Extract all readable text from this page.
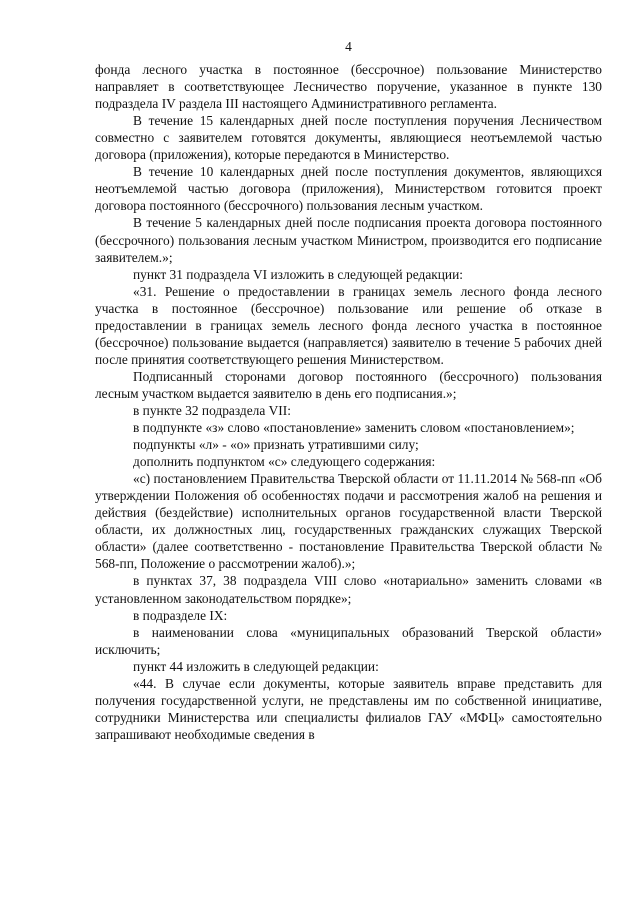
4

фонда лесного участка в постоянное (бессрочное) пользование Министерство направляет в соответствующее Лесничество поручение, указанное в пункте 130 подраздела IV раздела III настоящего Административного регламента.

В течение 15 календарных дней после поступления поручения Лесничеством совместно с заявителем готовятся документы, являющиеся неотъемлемой частью договора (приложения), которые передаются в Министерство.

В течение 10 календарных дней после поступления документов, являющихся неотъемлемой частью договора (приложения), Министерством готовится проект договора постоянного (бессрочного) пользования лесным участком.

В течение 5 календарных дней после подписания проекта договора постоянного (бессрочного) пользования лесным участком Министром, производится его подписание заявителем.»;

пункт 31 подраздела VI изложить в следующей редакции:

«31. Решение о предоставлении в границах земель лесного фонда лесного участка в постоянное (бессрочное) пользование или решение об отказе в предоставлении в границах земель лесного фонда лесного участка в постоянное (бессрочное) пользование выдается (направляется) заявителю в течение 5 рабочих дней после принятия соответствующего решения Министерством.

Подписанный сторонами договор постоянного (бессрочного) пользования лесным участком выдается заявителю в день его подписания.»;

в пункте 32 подраздела VII:

в подпункте «з» слово «постановление» заменить словом «постановлением»;

подпункты «л» - «о» признать утратившими силу;

дополнить подпунктом «с» следующего содержания:

«с) постановлением Правительства Тверской области от 11.11.2014 № 568-пп «Об утверждении Положения об особенностях подачи и рассмотрения жалоб на решения и действия (бездействие) исполнительных органов государственной власти Тверской области, их должностных лиц, государственных гражданских служащих Тверской области» (далее соответственно - постановление Правительства Тверской области № 568-пп, Положение о рассмотрении жалоб).»;

в пунктах 37, 38 подраздела VIII слово «нотариально» заменить словами «в установленном законодательством порядке»;

в подразделе IX:

в наименовании слова «муниципальных образований Тверской области» исключить;

пункт 44 изложить в следующей редакции:

«44. В случае если документы, которые заявитель вправе представить для получения государственной услуги, не представлены им по собственной инициативе, сотрудники Министерства или специалисты филиалов ГАУ «МФЦ» самостоятельно запрашивают необходимые сведения в
